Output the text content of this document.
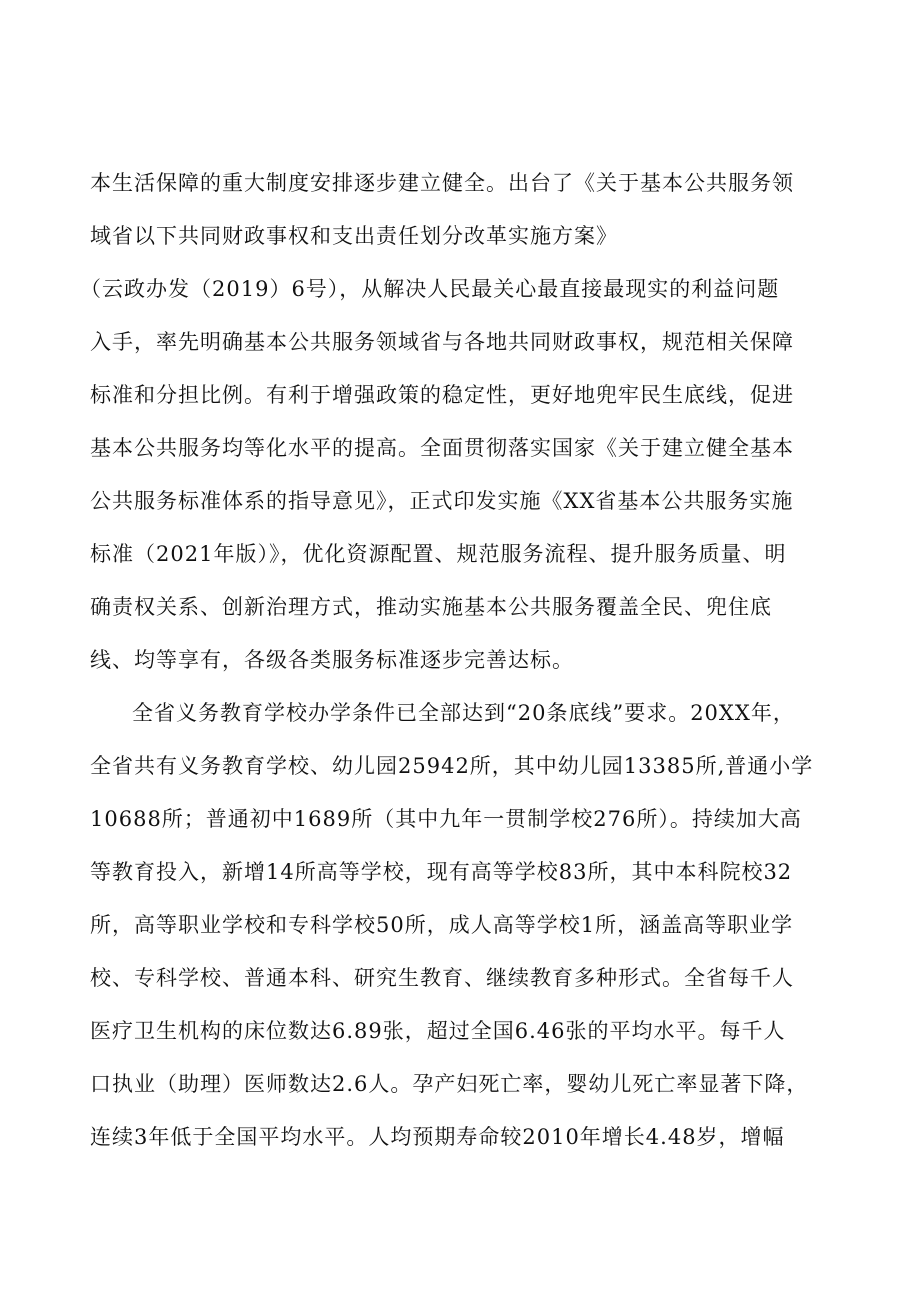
本生活保障的重大制度安排逐步建立健全。出台了《关于基本公共服务领
域省以下共同财政事权和支出责任划分改革实施方案》
（云政办发（2019）6号），从解决人民最关心最直接最现实的利益问题
入手，率先明确基本公共服务领域省与各地共同财政事权，规范相关保障
标准和分担比例。有利于增强政策的稳定性，更好地兜牢民生底线，促进
基本公共服务均等化水平的提高。全面贯彻落实国家《关于建立健全基本
公共服务标准体系的指导意见》，正式印发实施《XX省基本公共服务实施
标准（2021年版）》，优化资源配置、规范服务流程、提升服务质量、明
确责权关系、创新治理方式，推动实施基本公共服务覆盖全民、兜住底
线、均等享有，各级各类服务标准逐步完善达标。
全省义务教育学校办学条件已全部达到“20条底线”要求。20XX年，
全省共有义务教育学校、幼儿园25942所，其中幼儿园13385所,普通小学
10688所；普通初中1689所（其中九年一贯制学校276所）。持续加大高
等教育投入，新增14所高等学校，现有高等学校83所，其中本科院校32
所，高等职业学校和专科学校50所，成人高等学校1所，涵盖高等职业学
校、专科学校、普通本科、研究生教育、继续教育多种形式。全省每千人
医疗卫生机构的床位数达6.89张，超过全国6.46张的平均水平。每千人
口执业（助理）医师数达2.6人。孕产妇死亡率，婴幼儿死亡率显著下降，
连续3年低于全国平均水平。人均预期寿命较2010年增长4.48岁，增幅
